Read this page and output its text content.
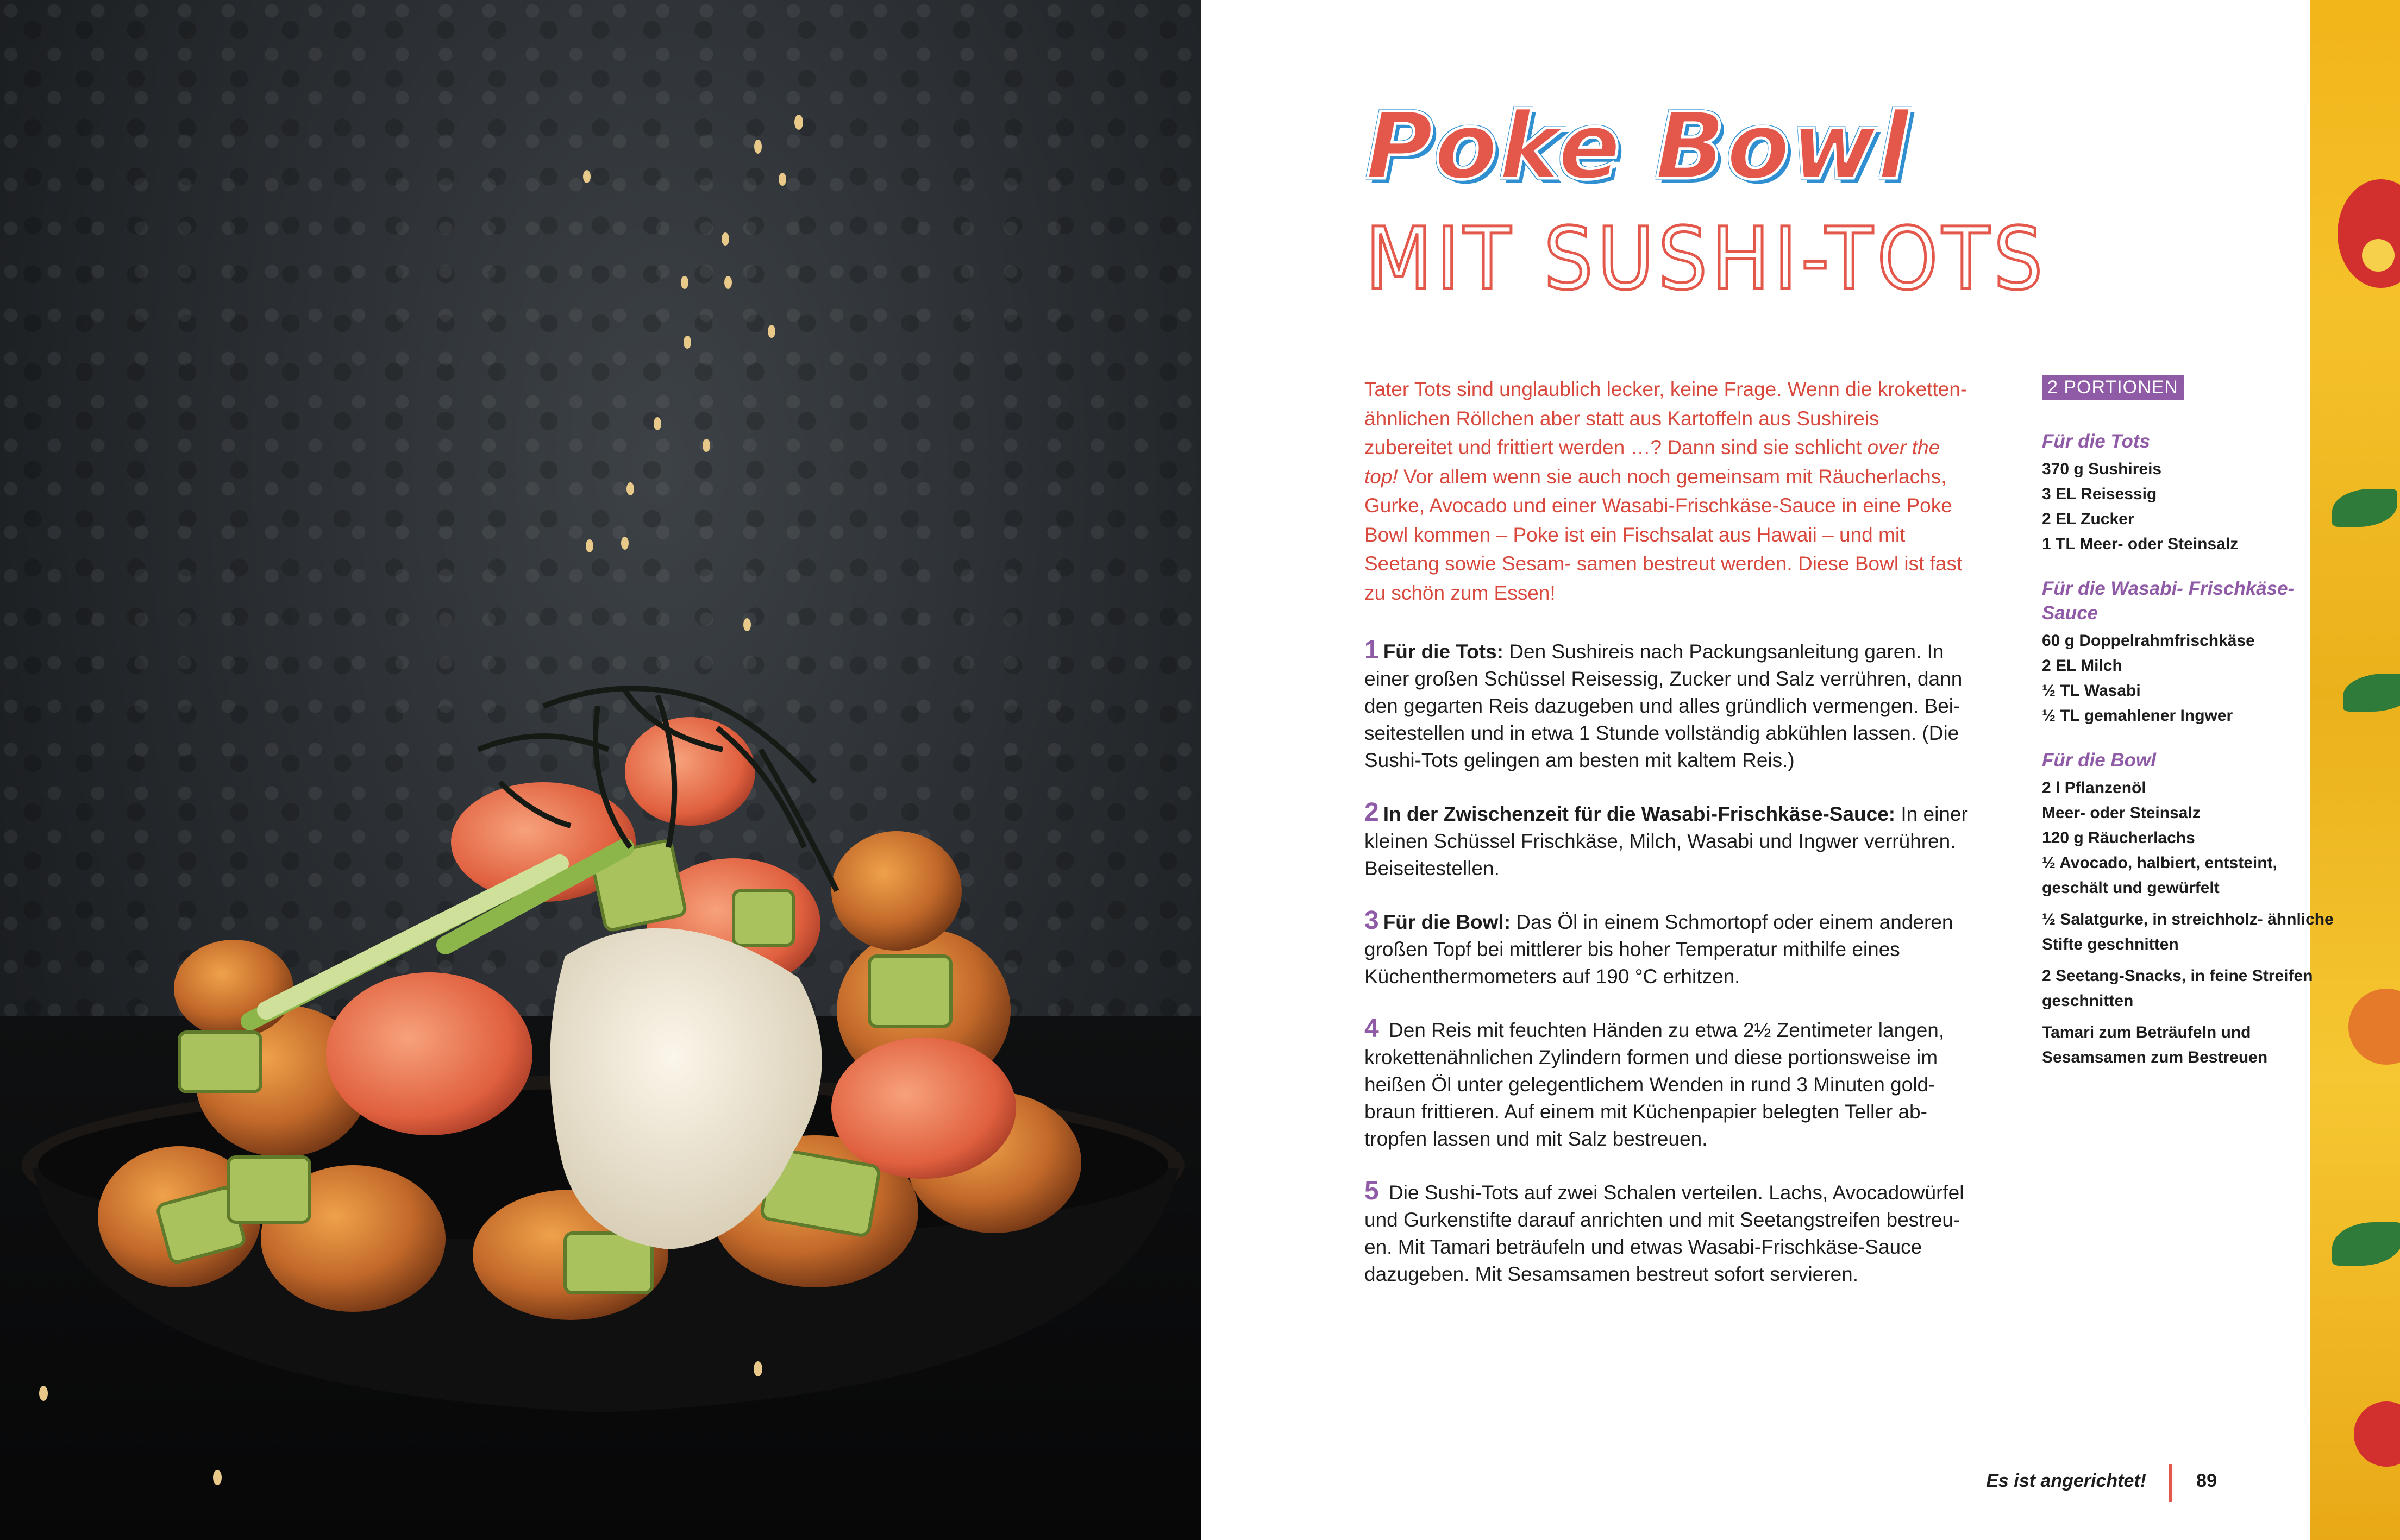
Poke Bowl
MIT SUSHI-TOTS

Tater Tots sind unglaublich lecker, keine Frage. Wenn die kroketten- ähnlichen Röllchen aber statt aus Kartoffeln aus Sushireis zubereitet und frittiert werden …? Dann sind sie schlicht over the top! Vor allem wenn sie auch noch gemeinsam mit Räucherlachs, Gurke, Avocado und einer Wasabi-Frischkäse-Sauce in eine Poke Bowl kommen – Poke ist ein Fischsalat aus Hawaii – und mit Seetang sowie Sesam- samen bestreut werden. Diese Bowl ist fast zu schön zum Essen!

1 Für die Tots: Den Sushireis nach Packungsanleitung garen. In einer großen Schüssel Reisessig, Zucker und Salz verrühren, dann den gegarten Reis dazugeben und alles gründlich vermengen. Bei- seitestellen und in etwa 1 Stunde vollständig abkühlen lassen. (Die Sushi-Tots gelingen am besten mit kaltem Reis.)

2 In der Zwischenzeit für die Wasabi-Frischkäse-Sauce: In einer kleinen Schüssel Frischkäse, Milch, Wasabi und Ingwer verrühren. Beiseitestellen.

3 Für die Bowl: Das Öl in einem Schmortopf oder einem anderen großen Topf bei mittlerer bis hoher Temperatur mithilfe eines Küchenthermometers auf 190 °C erhitzen.

4 Den Reis mit feuchten Händen zu etwa 2½ Zentimeter langen, krokettenähnlichen Zylindern formen und diese portionsweise im heißen Öl unter gelegentlichem Wenden in rund 3 Minuten gold- braun frittieren. Auf einem mit Küchenpapier belegten Teller ab- tropfen lassen und mit Salz bestreuen.

5 Die Sushi-Tots auf zwei Schalen verteilen. Lachs, Avocadowürfel und Gurkenstifte darauf anrichten und mit Seetangstreifen bestreu- en. Mit Tamari beträufeln und etwas Wasabi-Frischkäse-Sauce dazugeben. Mit Sesamsamen bestreut sofort servieren.

2 PORTIONEN
Für die Tots
370 g Sushireis
3 EL Reisessig
2 EL Zucker
1 TL Meer- oder Steinsalz
Für die Wasabi- Frischkäse-Sauce
60 g Doppelrahmfrischkäse
2 EL Milch
½ TL Wasabi
½ TL gemahlener Ingwer
Für die Bowl
2 l Pflanzenöl
Meer- oder Steinsalz
120 g Räucherlachs
½ Avocado, halbiert, entsteint, geschält und gewürfelt
½ Salatgurke, in streichholz- ähnliche Stifte geschnitten
2 Seetang-Snacks, in feine Streifen geschnitten
Tamari zum Beträufeln und Sesamsamen zum Bestreuen
Es ist angerichtet!	89
